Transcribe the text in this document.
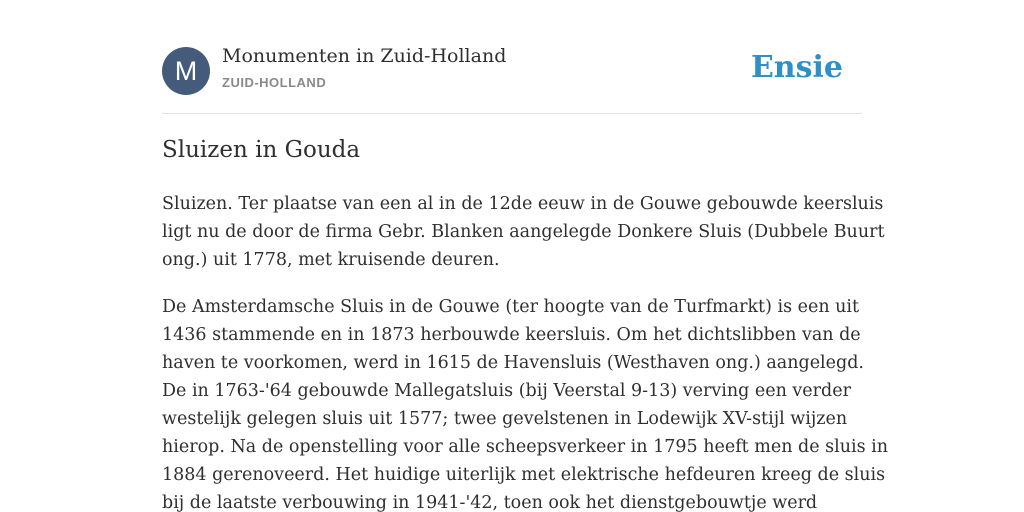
M	Monumenten in Zuid-Holland
ZUID-HOLLAND	Ensie
Sluizen in Gouda

Sluizen. Ter plaatse van een al in de 12de eeuw in de Gouwe gebouwde keersluis
ligt nu de door de firma Gebr. Blanken aangelegde Donkere Sluis (Dubbele Buurt
ong.) uit 1778, met kruisende deuren.

De Amsterdamsche Sluis in de Gouwe (ter hoogte van de Turfmarkt) is een uit
1436 stammende en in 1873 herbouwde keersluis. Om het dichtslibben van de
haven te voorkomen, werd in 1615 de Havensluis (Westhaven ong.) aangelegd.
De in 1763-'64 gebouwde Mallegatsluis (bij Veerstal 9-13) verving een verder
westelijk gelegen sluis uit 1577; twee gevelstenen in Lodewijk XV-stijl wijzen
hierop. Na de openstelling voor alle scheepsverkeer in 1795 heeft men de sluis in
1884 gerenoveerd. Het huidige uiterlijk met elektrische hefdeuren kreeg de sluis
bij de laatste verbouwing in 1941-'42, toen ook het dienstgebouwtje werd
